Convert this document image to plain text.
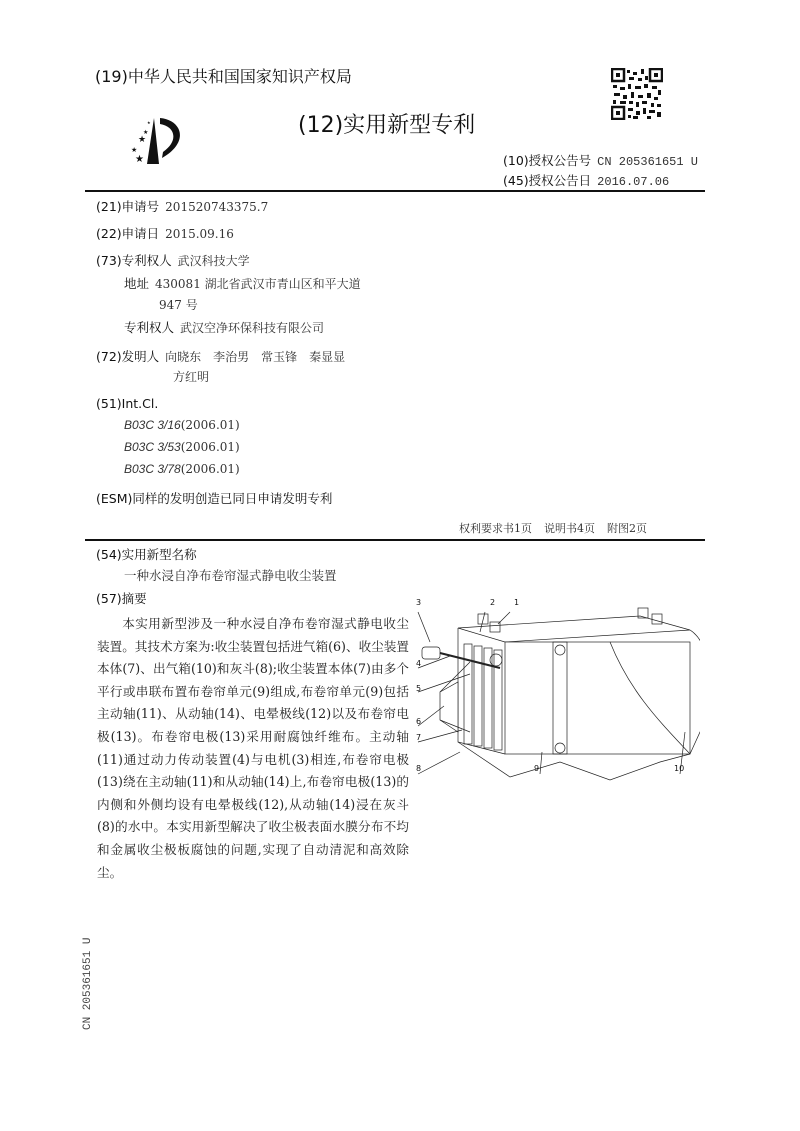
(19)中华人民共和国国家知识产权局
★
★
★
★
★	(12)实用新型专利
(10)授权公告号 CN 205361651 U
(45)授权公告日 2016.07.06
(21)申请号 201520743375.7
(22)申请日 2015.09.16
(73)专利权人 武汉科技大学
地址 430081 湖北省武汉市青山区和平大道
947 号
专利权人 武汉空净环保科技有限公司
(72)发明人 向晓东　李治男　常玉锋　秦显显
方红明
(51)Int.Cl.
B03C 3/16(2006.01)
B03C 3/53(2006.01)
B03C 3/78(2006.01)
(ESM)同样的发明创造已同日申请发明专利
权利要求书1页 说明书4页 附图2页
(54)实用新型名称
一种水浸自净布卷帘湿式静电收尘装置
(57)摘要
本实用新型涉及一种水浸自净布卷帘湿式静电收尘装置。其技术方案为:收尘装置包括进气箱(6)、收尘装置本体(7)、出气箱(10)和灰斗(8);收尘装置本体(7)由多个平行或串联布置布卷帘单元(9)组成,布卷帘单元(9)包括主动轴(11)、从动轴(14)、电晕极线(12)以及布卷帘电极(13)。布卷帘电极(13)采用耐腐蚀纤维布。主动轴(11)通过动力传动装置(4)与电机(3)相连,布卷帘电极(13)绕在主动轴(11)和从动轴(14)上,布卷帘电极(13)的内侧和外侧均设有电晕极线(12),从动轴(14)浸在灰斗(8)的水中。本实用新型解决了收尘极表面水膜分布不均和金属收尘极板腐蚀的问题,实现了自动清泥和高效除尘。
3	2 1
4
5
6
7
8	9	10
CN 205361651 U
